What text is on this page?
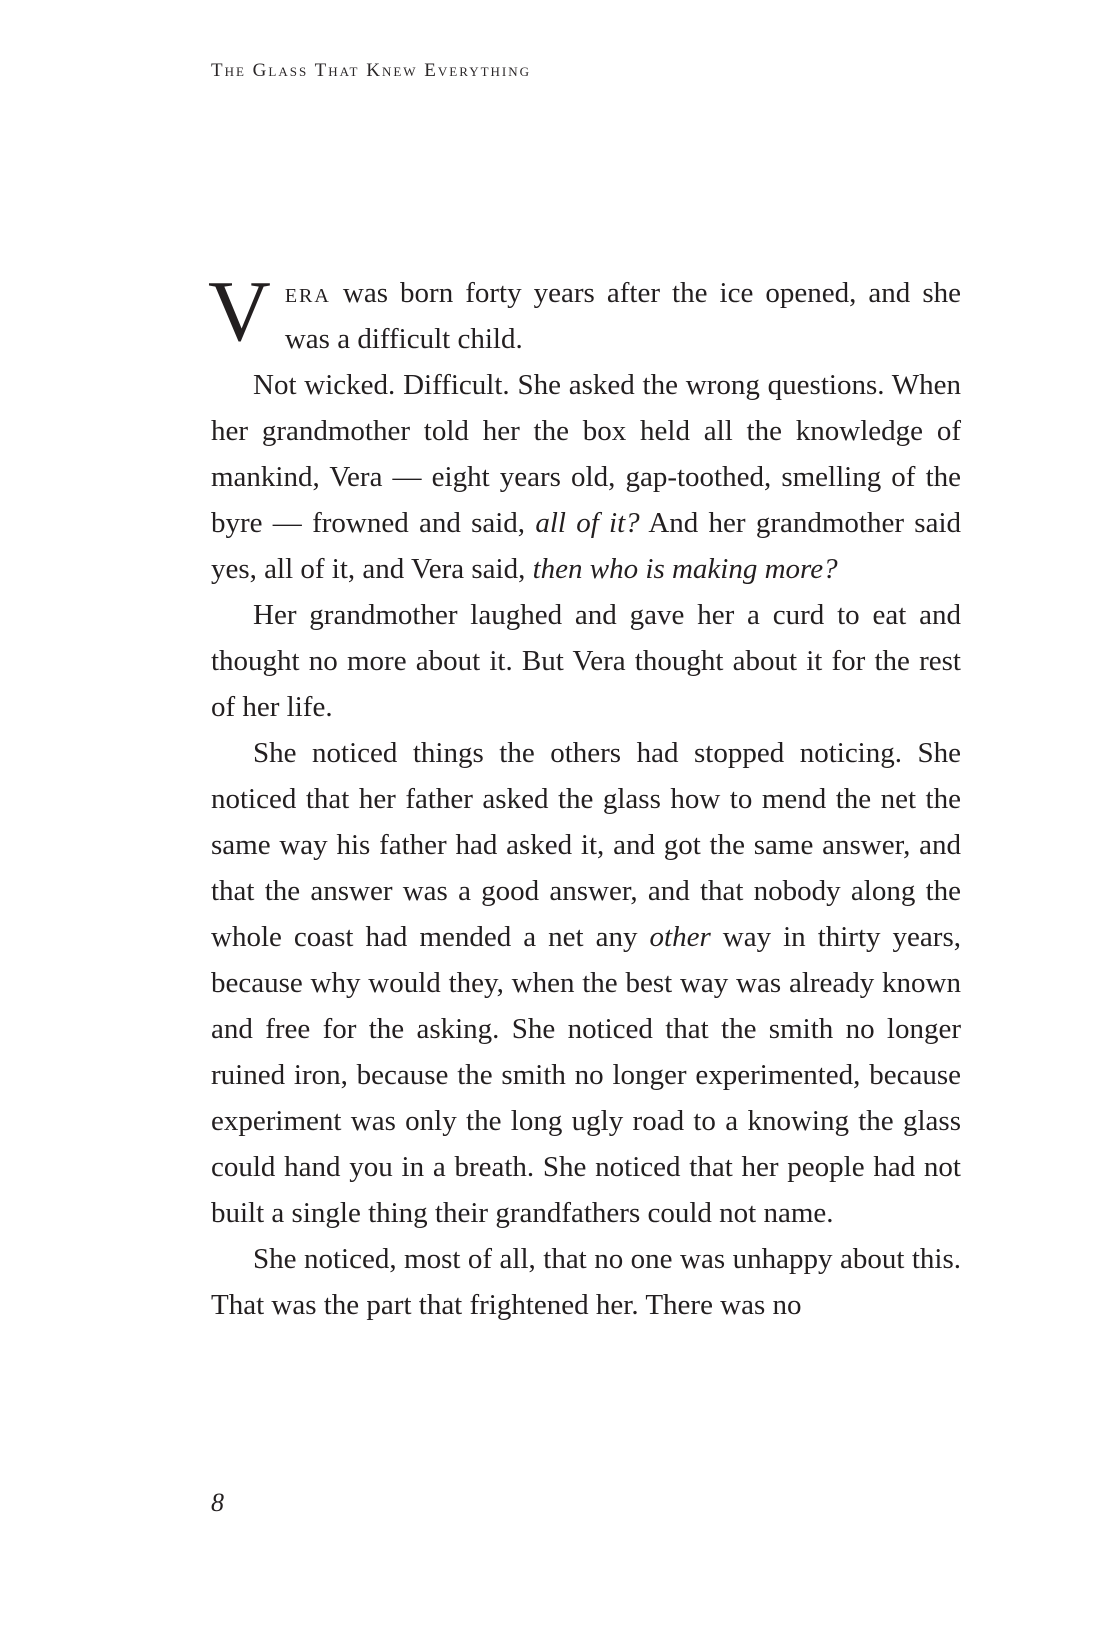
The Glass That Knew Everything

Vera was born forty years after the ice opened, and she was a difficult child.

Not wicked. Difficult. She asked the wrong questions. When her grandmother told her the box held all the knowledge of mankind, Vera — eight years old, gap-toothed, smelling of the byre — frowned and said, all of it? And her grandmother said yes, all of it, and Vera said, then who is making more?

Her grandmother laughed and gave her a curd to eat and thought no more about it. But Vera thought about it for the rest of her life.

She noticed things the others had stopped noticing. She noticed that her father asked the glass how to mend the net the same way his father had asked it, and got the same answer, and that the answer was a good answer, and that nobody along the whole coast had mended a net any other way in thirty years, because why would they, when the best way was already known and free for the asking. She noticed that the smith no longer ruined iron, because the smith no longer experimented, because experiment was only the long ugly road to a knowing the glass could hand you in a breath. She noticed that her people had not built a single thing their grandfathers could not name.

She noticed, most of all, that no one was unhappy about this. That was the part that frightened her. There was no

8
